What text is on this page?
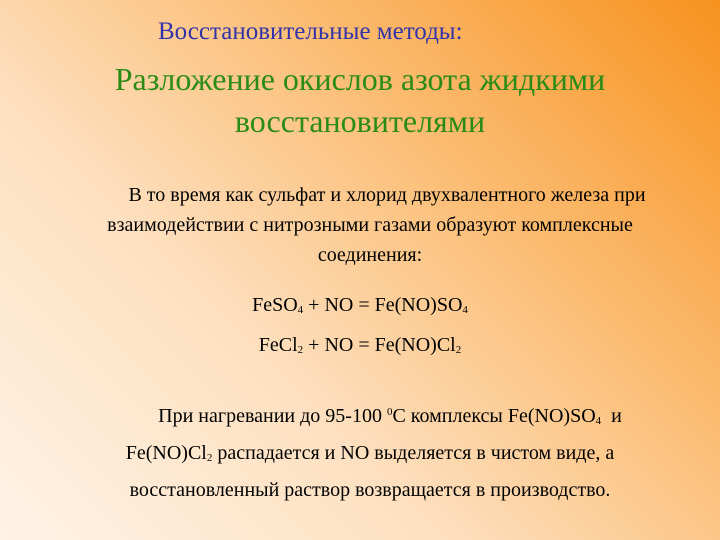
Восстановительные методы:
Разложение окислов азота жидкими
восстановителями
В то время как сульфат и хлорид двухвалентного железа при
взаимодействии с нитрозными газами образуют комплексные
соединения:
FeSO$_4$ + NO = $Fe(NO)SO_4$
FeCl$_2$ + NO = $Fe(NO)Cl_2$
При нагревании до 95-100 $^0$С комплексы $Fe(NO)SO_4$  и
$Fe(NO)Cl_2$ распадается и NO выделяется в чистом виде, а
восстановленный раствор возвращается в производство.
